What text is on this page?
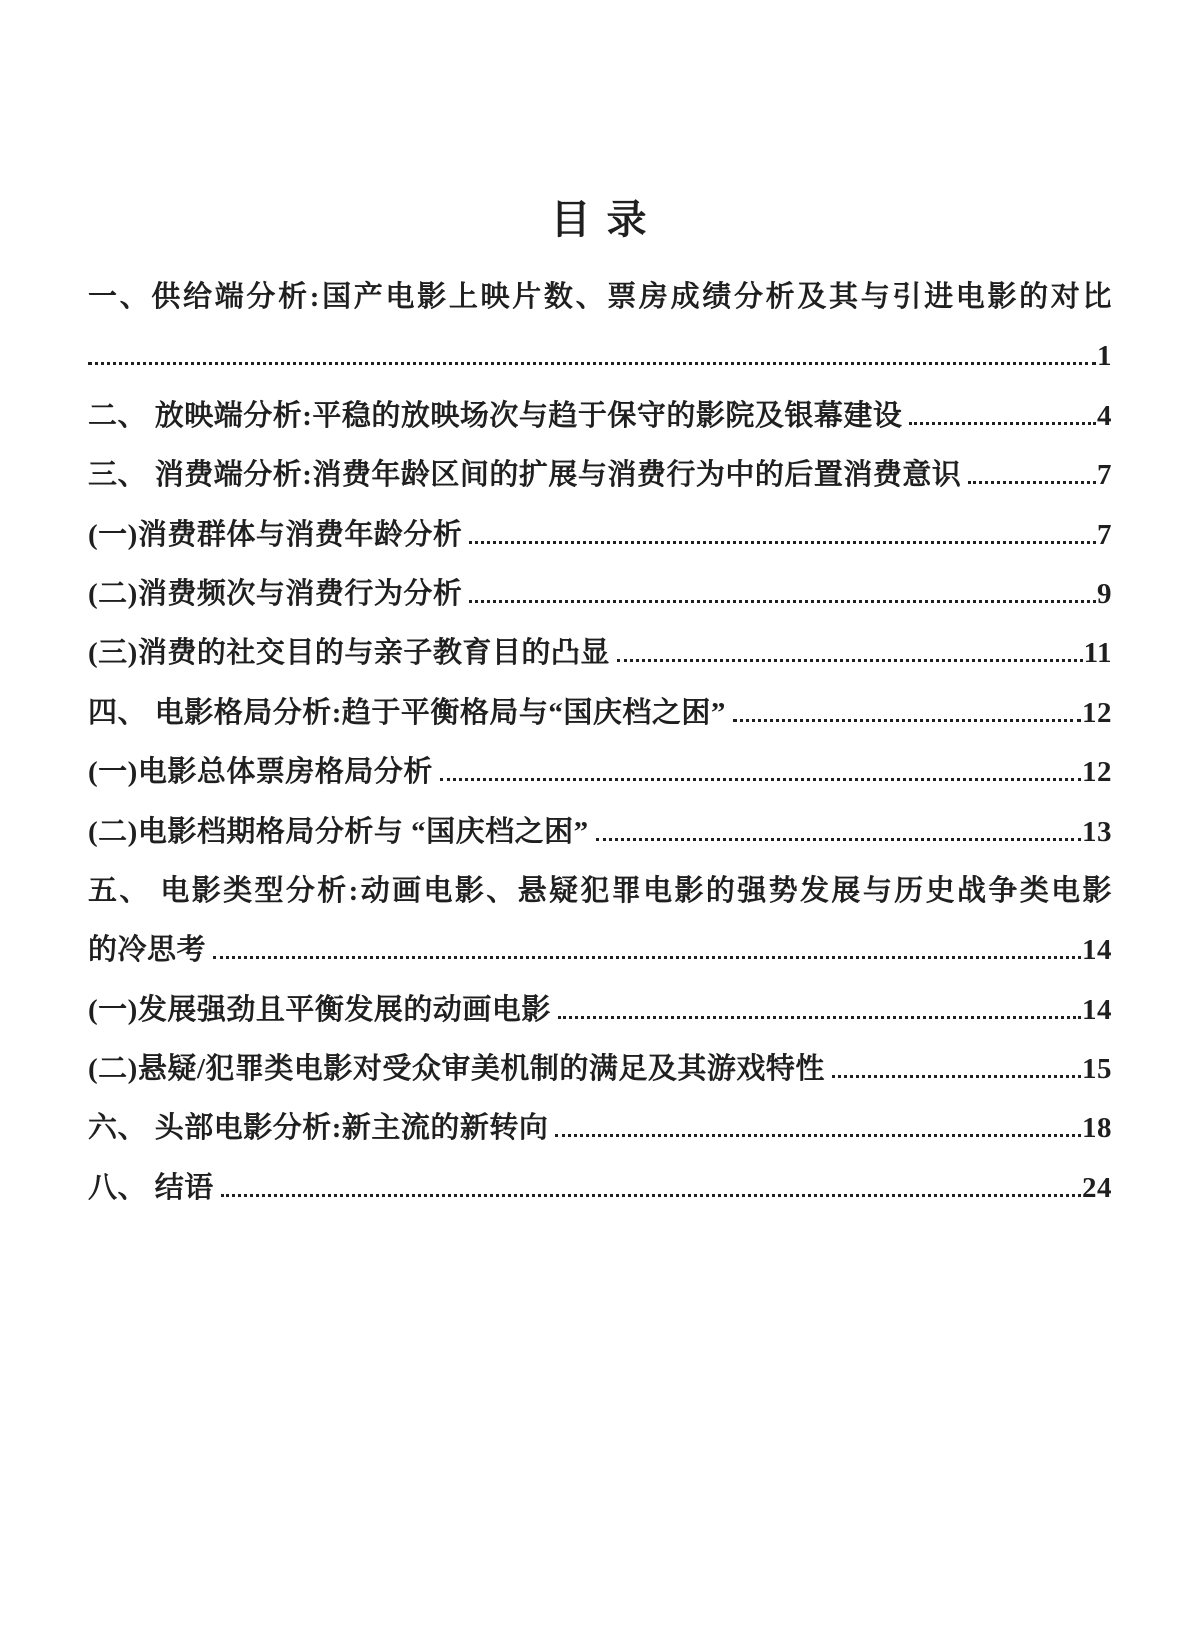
目 录
一、供给端分析:国产电影上映片数、票房成绩分析及其与引进电影的对比
1
二、 放映端分析:平稳的放映场次与趋于保守的影院及银幕建设	4
三、 消费端分析:消费年龄区间的扩展与消费行为中的后置消费意识	7
(一)消费群体与消费年龄分析	7
(二)消费频次与消费行为分析	9
(三)消费的社交目的与亲子教育目的凸显	11
四、 电影格局分析:趋于平衡格局与“国庆档之困”	12
(一)电影总体票房格局分析	12
(二)电影档期格局分析与 “国庆档之困”	13
五、 电影类型分析:动画电影、悬疑犯罪电影的强势发展与历史战争类电影
的冷思考	14
(一)发展强劲且平衡发展的动画电影	14
(二)悬疑/犯罪类电影对受众审美机制的满足及其游戏特性	15
六、 头部电影分析:新主流的新转向	18
八、 结语	24
